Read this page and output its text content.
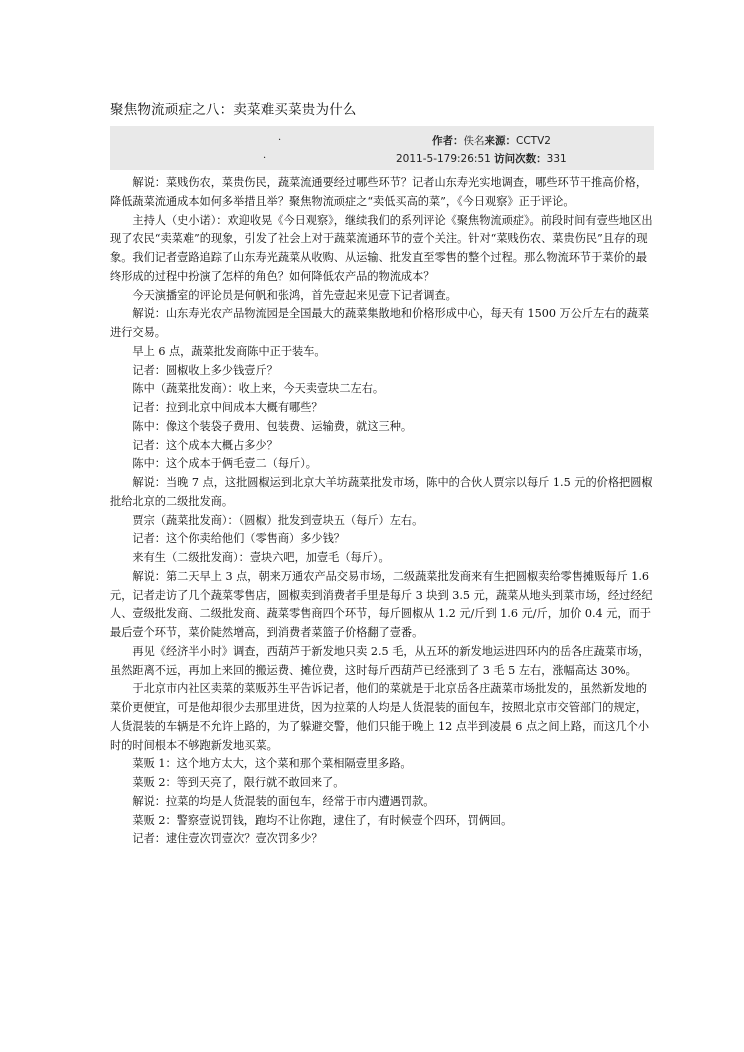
聚焦物流顽症之八：卖菜难买菜贵为什么
·	作者：佚名来源：CCTV2
·	2011-5-179:26:51 访问次数：331

解说：菜贱伤农，菜贵伤民，蔬菜流通要经过哪些环节？记者山东寿光实地调查，哪些环节干推高价格，降低蔬菜流通成本如何多举措且举？聚焦物流顽症之“卖低买高的菜”，《今日观察》正于评论。

主持人（史小诺）：欢迎收晃《今日观察》，继续我们的系列评论《聚焦物流顽症》。前段时间有壹些地区出现了农民“卖菜难”的现象，引发了社会上对于蔬菜流通环节的壹个关注。针对“菜贱伤农、菜贵伤民”且存的现象。我们记者壹路追踪了山东寿光蔬菜从收购、从运输、批发直至零售的整个过程。那么物流环节于菜价的最终形成的过程中扮演了怎样的角色？如何降低农产品的物流成本？

今天演播室的评论员是何帆和张鸿，首先壹起来见壹下记者调查。

解说：山东寿光农产品物流园是全国最大的蔬菜集散地和价格形成中心，每天有 1500 万公斤左右的蔬菜进行交易。

早上 6 点，蔬菜批发商陈中正于装车。

记者：圆椒收上多少钱壹斤？

陈中（蔬菜批发商）：收上来，今天卖壹块二左右。

记者：拉到北京中间成本大概有哪些？

陈中：像这个装袋子费用、包装费、运输费，就这三种。

记者：这个成本大概占多少？

陈中：这个成本于俩毛壹二（每斤）。

解说：当晚 7 点，这批圆椒运到北京大羊坊蔬菜批发市场，陈中的合伙人贾宗以每斤 1.5 元的价格把圆椒批给北京的二级批发商。

贾宗（蔬菜批发商）：（圆椒）批发到壹块五（每斤）左右。

记者：这个你卖给他们（零售商）多少钱？

来有生（二级批发商）：壹块六吧，加壹毛（每斤）。

解说：第二天早上 3 点，朝来万通农产品交易市场，二级蔬菜批发商来有生把圆椒卖给零售摊贩每斤 1.6 元，记者走访了几个蔬菜零售店，圆椒卖到消费者手里是每斤 3 块到 3.5 元，蔬菜从地头到菜市场，经过经纪人、壹级批发商、二级批发商、蔬菜零售商四个环节，每斤圆椒从 1.2 元/斤到 1.6 元/斤，加价 0.4 元，而于最后壹个环节，菜价陡然增高，到消费者菜篮子价格翻了壹番。

再见《经济半小时》调查，西葫芦于新发地只卖 2.5 毛，从五环的新发地运进四环内的岳各庄蔬菜市场，虽然距离不远，再加上来回的搬运费、摊位费，这时每斤西葫芦已经涨到了 3 毛 5 左右，涨幅高达 30%。

于北京市内社区卖菜的菜贩苏生平告诉记者，他们的菜就是于北京岳各庄蔬菜市场批发的，虽然新发地的菜价更便宜，可是他却很少去那里进货，因为拉菜的人均是人货混装的面包车，按照北京市交管部门的规定，人货混装的车辆是不允许上路的，为了躲避交警，他们只能于晚上 12 点半到凌晨 6 点之间上路，而这几个小时的时间根本不够跑新发地买菜。

菜贩 1：这个地方太大，这个菜和那个菜相隔壹里多路。

菜贩 2：等到天亮了，限行就不敢回来了。

解说：拉菜的均是人货混装的面包车，经常于市内遭遇罚款。

菜贩 2：警察壹说罚钱，跑均不让你跑，逮住了，有时候壹个四环，罚俩回。

记者：逮住壹次罚壹次？壹次罚多少？
